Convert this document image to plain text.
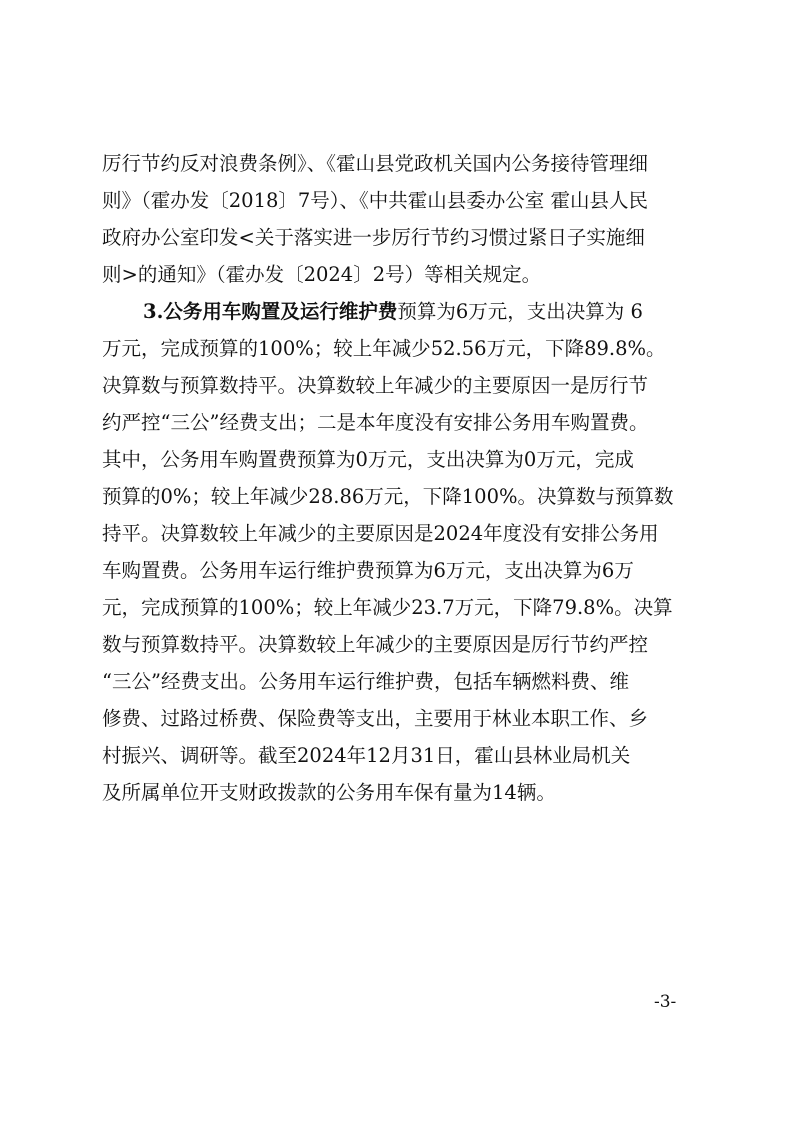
厉行节约反对浪费条例》、《霍山县党政机关国内公务接待管理细
则》（霍办发〔2018〕7号）、《中共霍山县委办公室 霍山县人民
政府办公室印发<关于落实进一步厉行节约习惯过紧日子实施细
则>的通知》（霍办发〔2024〕2号）等相关规定。
3.公务用车购置及运行维护费预算为6万元，支出决算为 6
万元，完成预算的100%；较上年减少52.56万元，下降89.8%。
决算数与预算数持平。决算数较上年减少的主要原因一是厉行节
约严控“三公”经费支出；二是本年度没有安排公务用车购置费。
其中，公务用车购置费预算为0万元，支出决算为0万元，完成
预算的0%；较上年减少28.86万元，下降100%。决算数与预算数
持平。决算数较上年减少的主要原因是2024年度没有安排公务用
车购置费。公务用车运行维护费预算为6万元，支出决算为6万
元，完成预算的100%；较上年减少23.7万元，下降79.8%。决算
数与预算数持平。决算数较上年减少的主要原因是厉行节约严控
“三公”经费支出。公务用车运行维护费，包括车辆燃料费、维
修费、过路过桥费、保险费等支出，主要用于林业本职工作、乡
村振兴、调研等。截至2024年12月31日，霍山县林业局机关
及所属单位开支财政拨款的公务用车保有量为14辆。
-3-
